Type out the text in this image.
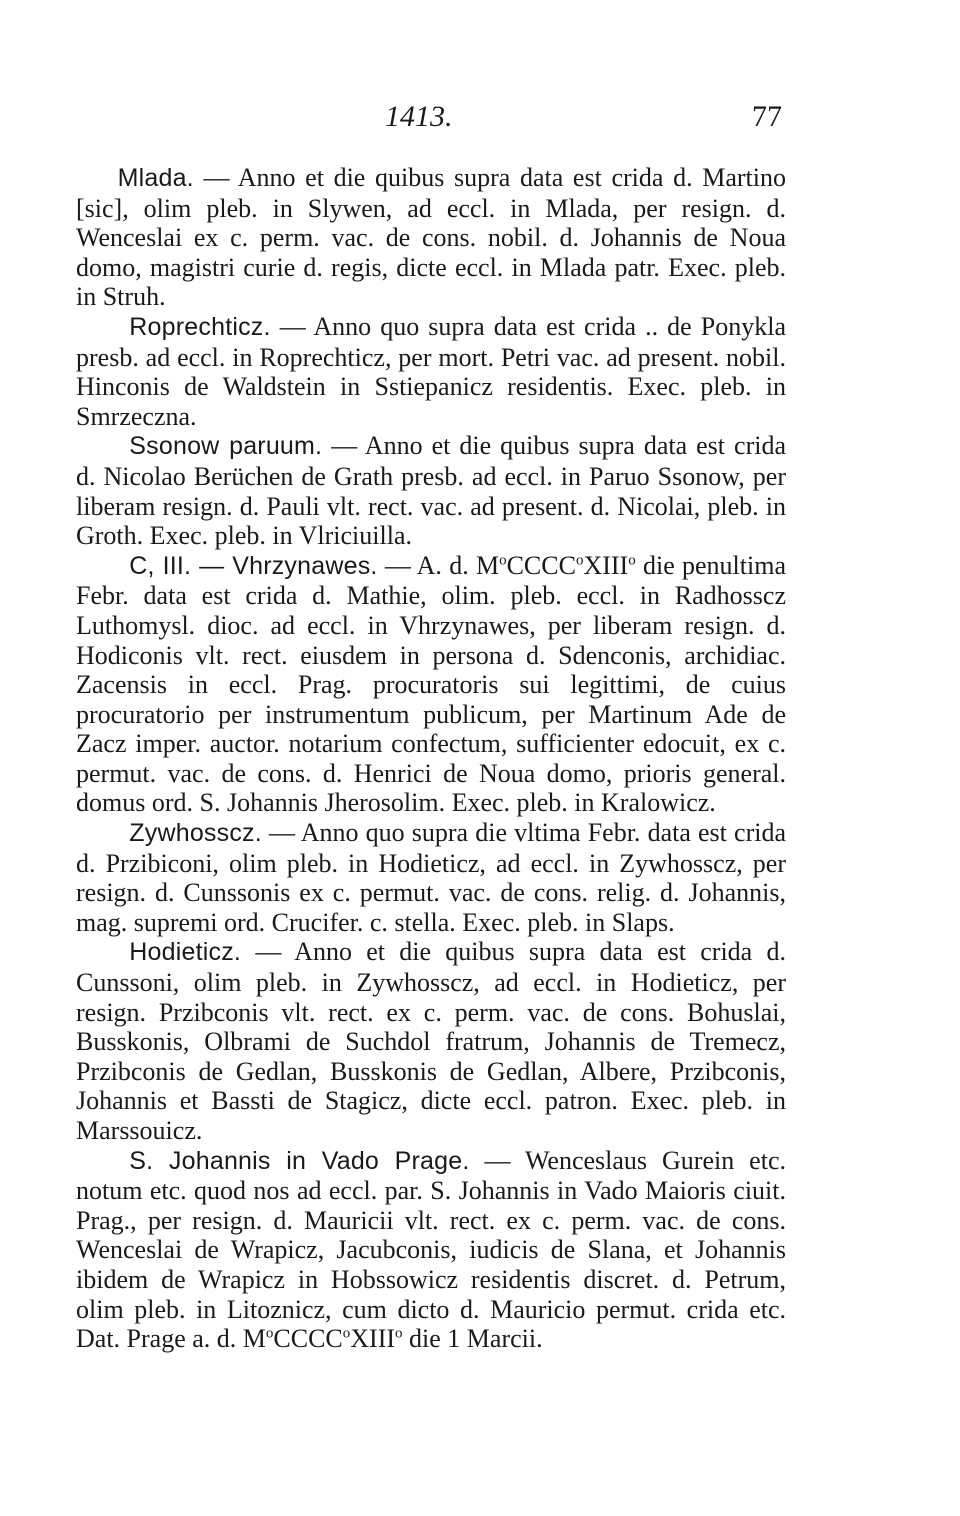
1413.	77

Mlada. — Anno et die quibus supra data est crida d. Martino [sic], olim pleb. in Slywen, ad eccl. in Mlada, per resign. d. Wenceslai ex c. perm. vac. de cons. nobil. d. Johannis de Noua domo, magistri curie d. regis, dicte eccl. in Mlada patr. Exec. pleb. in Struh.

Roprechticz. — Anno quo supra data est crida .. de Ponykla presb. ad eccl. in Roprechticz, per mort. Petri vac. ad present. nobil. Hinconis de Waldstein in Sstiepanicz residentis. Exec. pleb. in Smrzeczna.

Ssonow paruum. — Anno et die quibus supra data est crida d. Nicolao Berüchen de Grath presb. ad eccl. in Paruo Ssonow, per liberam resign. d. Pauli vlt. rect. vac. ad present. d. Nicolai, pleb. in Groth. Exec. pleb. in Vlriciuilla.

C, III. — Vhrzynawes. — A. d. $M^oCCCC^oXIII^o$ die penultima Febr. data est crida d. Mathie, olim. pleb. eccl. in Radhosscz Luthomysl. dioc. ad eccl. in Vhrzynawes, per liberam resign. d. Hodiconis vlt. rect. eiusdem in persona d. Sdenconis, archidiac. Zacensis in eccl. Prag. procuratoris sui legittimi, de cuius procuratorio per instrumentum publicum, per Martinum Ade de Zacz imper. auctor. notarium confectum, sufficienter edocuit, ex c. permut. vac. de cons. d. Henrici de Noua domo, prioris general. domus ord. S. Johannis Jherosolim. Exec. pleb. in Kralowicz.

Zywhosscz. — Anno quo supra die vltima Febr. data est crida d. Przibiconi, olim pleb. in Hodieticz, ad eccl. in Zywhosscz, per resign. d. Cunssonis ex c. permut. vac. de cons. relig. d. Johannis, mag. supremi ord. Crucifer. c. stella. Exec. pleb. in Slaps.

Hodieticz. — Anno et die quibus supra data est crida d. Cunssoni, olim pleb. in Zywhosscz, ad eccl. in Hodieticz, per resign. Przibconis vlt. rect. ex c. perm. vac. de cons. Bohuslai, Busskonis, Olbrami de Suchdol fratrum, Johannis de Tremecz, Przibconis de Gedlan, Busskonis de Gedlan, Albere, Przibconis, Johannis et Bassti de Stagicz, dicte eccl. patron. Exec. pleb. in Marssouicz.

S. Johannis in Vado Prage. — Wenceslaus Gurein etc. notum etc. quod nos ad eccl. par. S. Johannis in Vado Maioris ciuit. Prag., per resign. d. Mauricii vlt. rect. ex c. perm. vac. de cons. Wenceslai de Wrapicz, Jacubconis, iudicis de Slana, et Johannis ibidem de Wrapicz in Hobssowicz residentis discret. d. Petrum, olim pleb. in Litoznicz, cum dicto d. Mauricio permut. crida etc. Dat. Prage a. d. $M^oCCCC^oXIII^o$ die 1 Marcii.
